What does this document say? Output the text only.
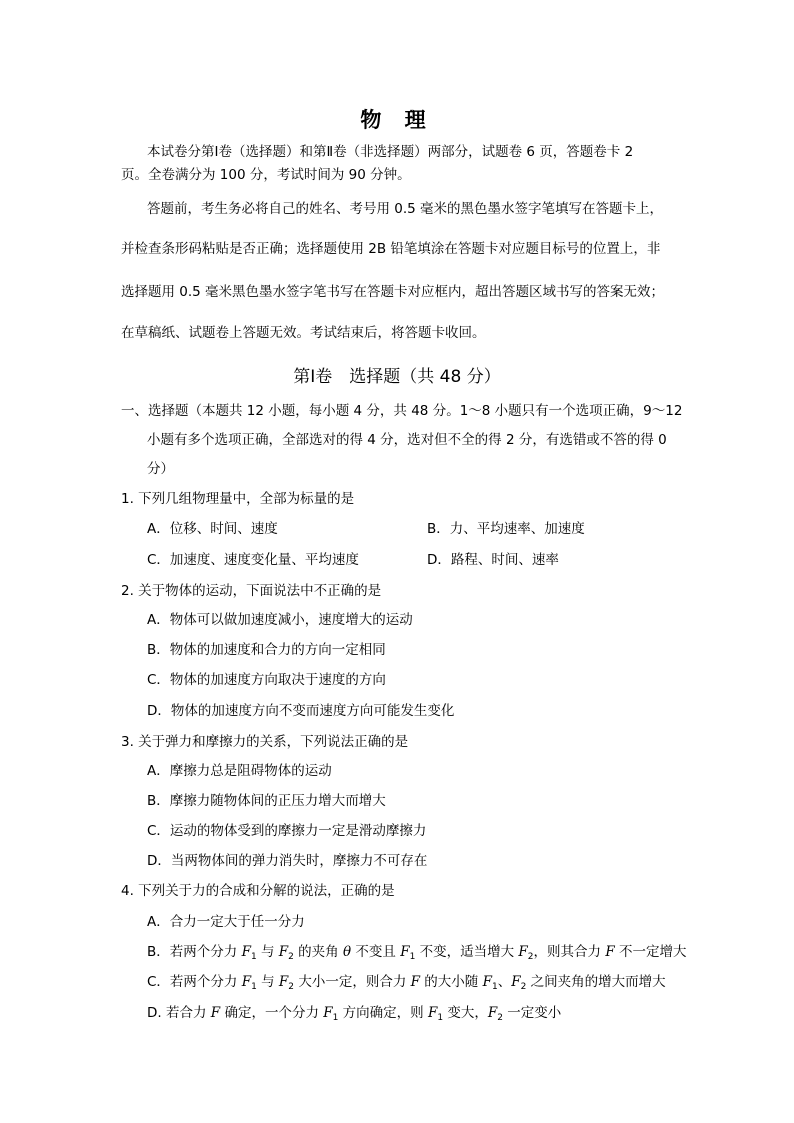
物 理
本试卷分第Ⅰ卷（选择题）和第Ⅱ卷（非选择题）两部分，试题卷 6 页，答题卷卡 2
页。全卷满分为 100 分，考试时间为 90 分钟。
答题前，考生务必将自己的姓名、考号用 0.5 毫米的黑色墨水签字笔填写在答题卡上，
并检查条形码粘贴是否正确；选择题使用 2B 铅笔填涂在答题卡对应题目标号的位置上，非
选择题用 0.5 毫米黑色墨水签字笔书写在答题卡对应框内，超出答题区域书写的答案无效；
在草稿纸、试题卷上答题无效。考试结束后，将答题卡收回。
第Ⅰ卷　选择题（共 48 分）
一、选择题（本题共 12 小题，每小题 4 分，共 48 分。1～8 小题只有一个选项正确，9～12
小题有多个选项正确，全部选对的得 4 分，选对但不全的得 2 分，有选错或不答的得 0
分）
1. 下列几组物理量中，全部为标量的是
A．位移、时间、速度	B．力、平均速率、加速度
C．加速度、速度变化量、平均速度	D．路程、时间、速率
2. 关于物体的运动，下面说法中不正确的是
A．物体可以做加速度减小，速度增大的运动
B．物体的加速度和合力的方向一定相同
C．物体的加速度方向取决于速度的方向
D．物体的加速度方向不变而速度方向可能发生变化
3. 关于弹力和摩擦力的关系，下列说法正确的是
A．摩擦力总是阻碍物体的运动
B．摩擦力随物体间的正压力增大而增大
C．运动的物体受到的摩擦力一定是滑动摩擦力
D．当两物体间的弹力消失时，摩擦力不可存在
4. 下列关于力的合成和分解的说法，正确的是
A．合力一定大于任一分力
B．若两个分力 $F_1$ 与 $F_2$ 的夹角 θ 不变且 $F_1$ 不变，适当增大 $F_2$，则其合力 F 不一定增大
C．若两个分力 $F_1$ 与 $F_2$ 大小一定，则合力 F 的大小随 $F_1$、$F_2$ 之间夹角的增大而增大
D. 若合力 F 确定，一个分力 $F_1$ 方向确定，则 $F_1$ 变大，$F_2$ 一定变小
